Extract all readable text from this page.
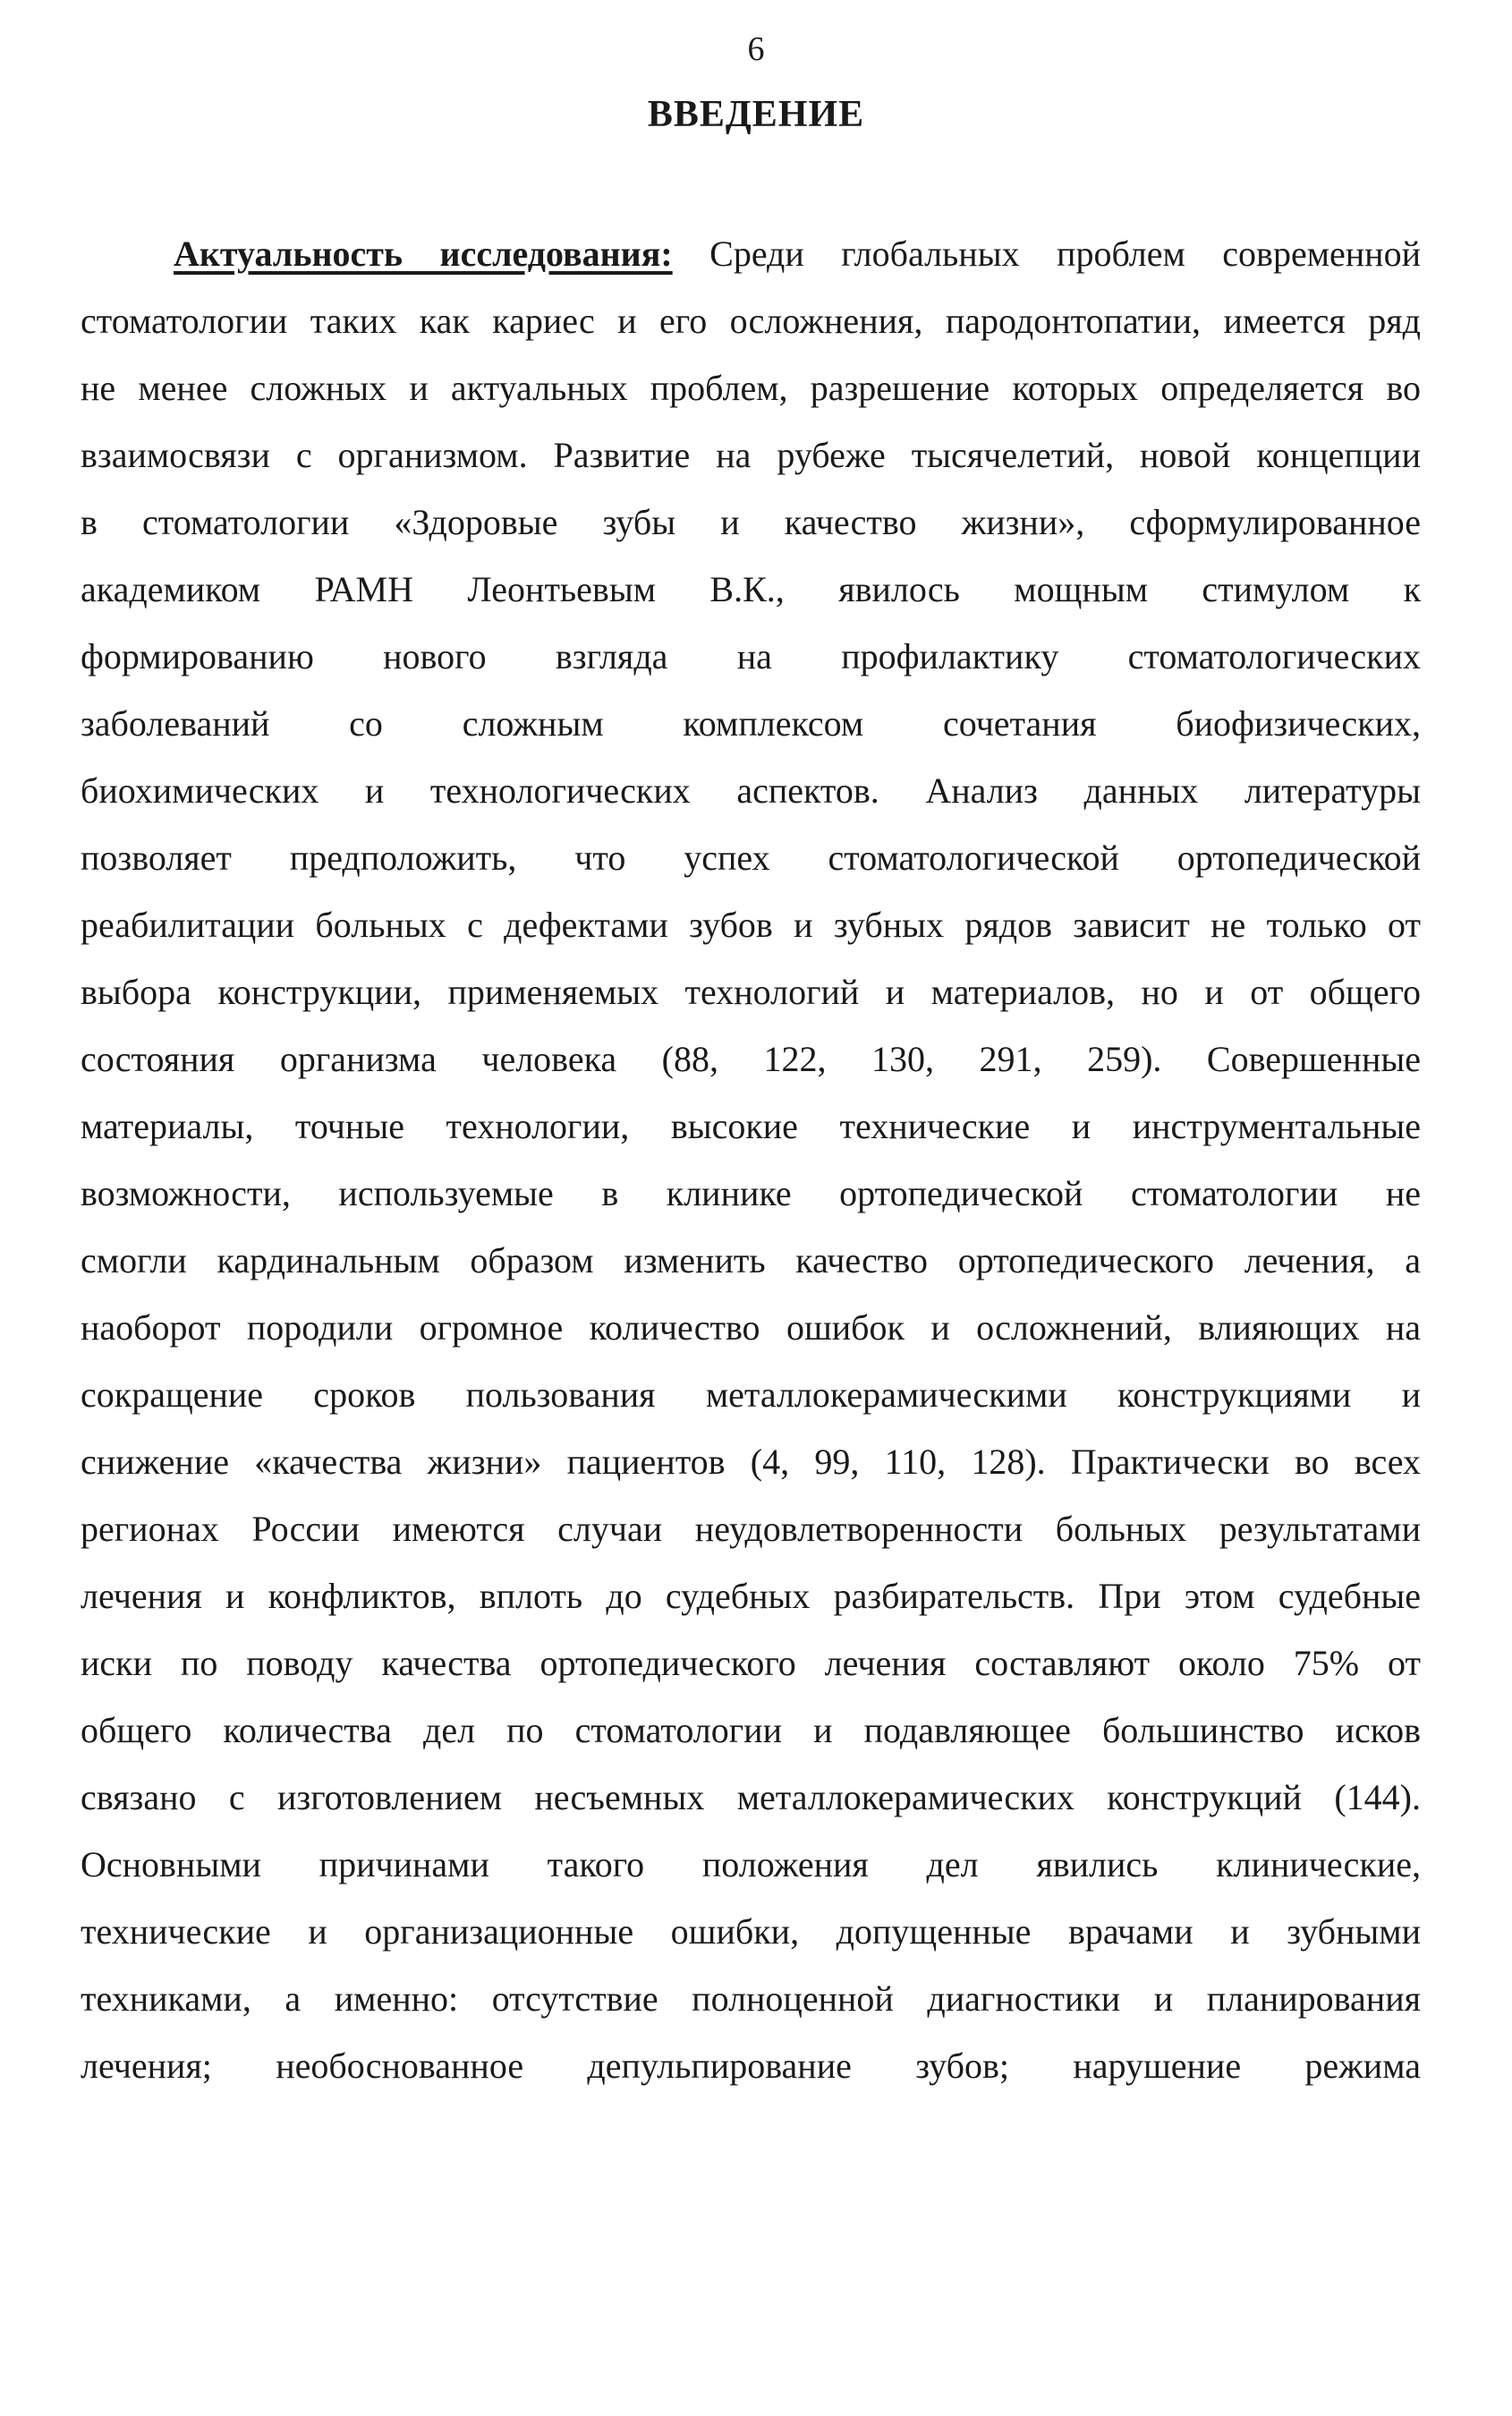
6
ВВЕДЕНИЕ
Актуальность исследования: Среди глобальных проблем современной
стоматологии таких как кариес и его осложнения, пародонтопатии, имеется ряд
не менее сложных и актуальных проблем, разрешение которых определяется во
взаимосвязи с организмом. Развитие на рубеже тысячелетий, новой концепции
в стоматологии «Здоровые зубы и качество жизни», сформулированное
академиком РАМН Леонтьевым В.К., явилось мощным стимулом к
формированию нового взгляда на профилактику стоматологических
заболеваний со сложным комплексом сочетания биофизических,
биохимических и технологических аспектов. Анализ данных литературы
позволяет предположить, что успех стоматологической ортопедической
реабилитации больных с дефектами зубов и зубных рядов зависит не только от
выбора конструкции, применяемых технологий и материалов, но и от общего
состояния организма человека (88, 122, 130, 291, 259). Совершенные
материалы, точные технологии, высокие технические и инструментальные
возможности, используемые в клинике ортопедической стоматологии не
смогли кардинальным образом изменить качество ортопедического лечения, а
наоборот породили огромное количество ошибок и осложнений, влияющих на
сокращение сроков пользования металлокерамическими конструкциями и
снижение «качества жизни» пациентов (4, 99, 110, 128). Практически во всех
регионах России имеются случаи неудовлетворенности больных результатами
лечения и конфликтов, вплоть до судебных разбирательств. При этом судебные
иски по поводу качества ортопедического лечения составляют около 75% от
общего количества дел по стоматологии и подавляющее большинство исков
связано с изготовлением несъемных металлокерамических конструкций (144).
Основными причинами такого положения дел явились клинические,
технические и организационные ошибки, допущенные врачами и зубными
техниками, а именно: отсутствие полноценной диагностики и планирования
лечения; необоснованное депульпирование зубов; нарушение режима
